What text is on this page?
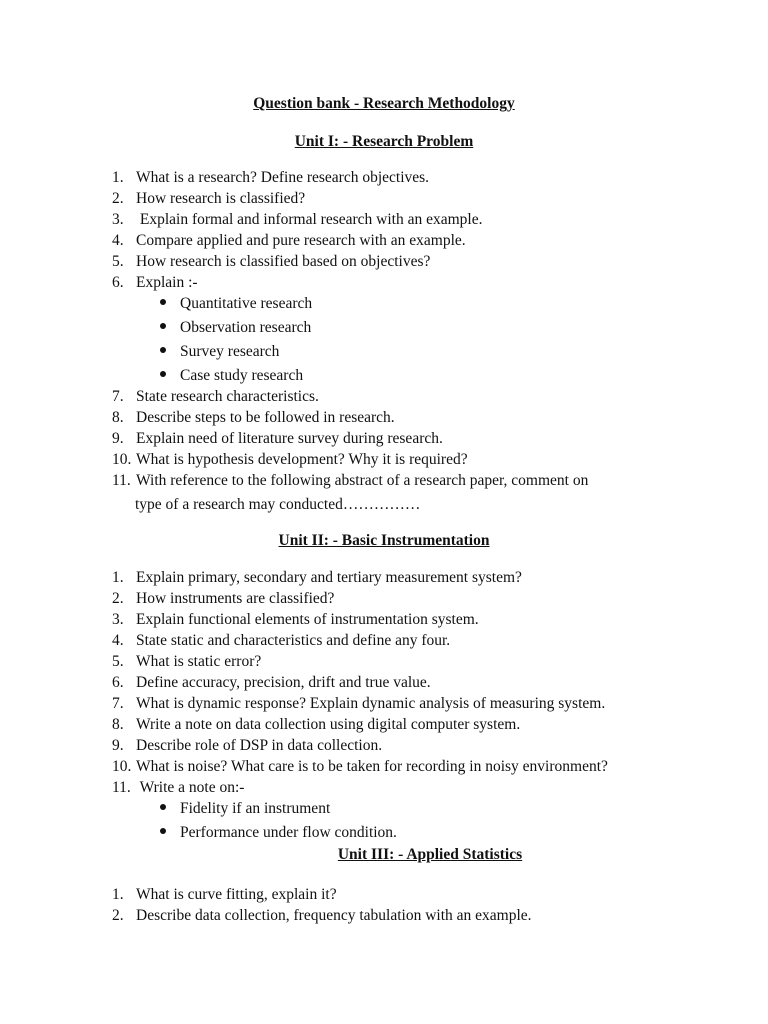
Question bank - Research Methodology
Unit I: - Research Problem
1. What is a research? Define research objectives.
2. How research is classified?
3. Explain formal and informal research with an example.
4. Compare applied and pure research with an example.
5. How research is classified based on objectives?
6. Explain :-
Quantitative research
Observation research
Survey research
Case study research
7. State research characteristics.
8. Describe steps to be followed in research.
9. Explain need of literature survey during research.
10. What is hypothesis development? Why it is required?
11. With reference to the following abstract of a research paper, comment on
type of a research may conducted……………
Unit II: - Basic Instrumentation
1. Explain primary, secondary and tertiary measurement system?
2. How instruments are classified?
3. Explain functional elements of instrumentation system.
4. State static and characteristics and define any four.
5. What is static error?
6. Define accuracy, precision, drift and true value.
7. What is dynamic response? Explain dynamic analysis of measuring system.
8. Write a note on data collection using digital computer system.
9. Describe role of DSP in data collection.
10. What is noise? What care is to be taken for recording in noisy environment?
11. Write a note on:-
Fidelity if an instrument
Performance under flow condition.
Unit III: - Applied Statistics
1. What is curve fitting, explain it?
2. Describe data collection, frequency tabulation with an example.
